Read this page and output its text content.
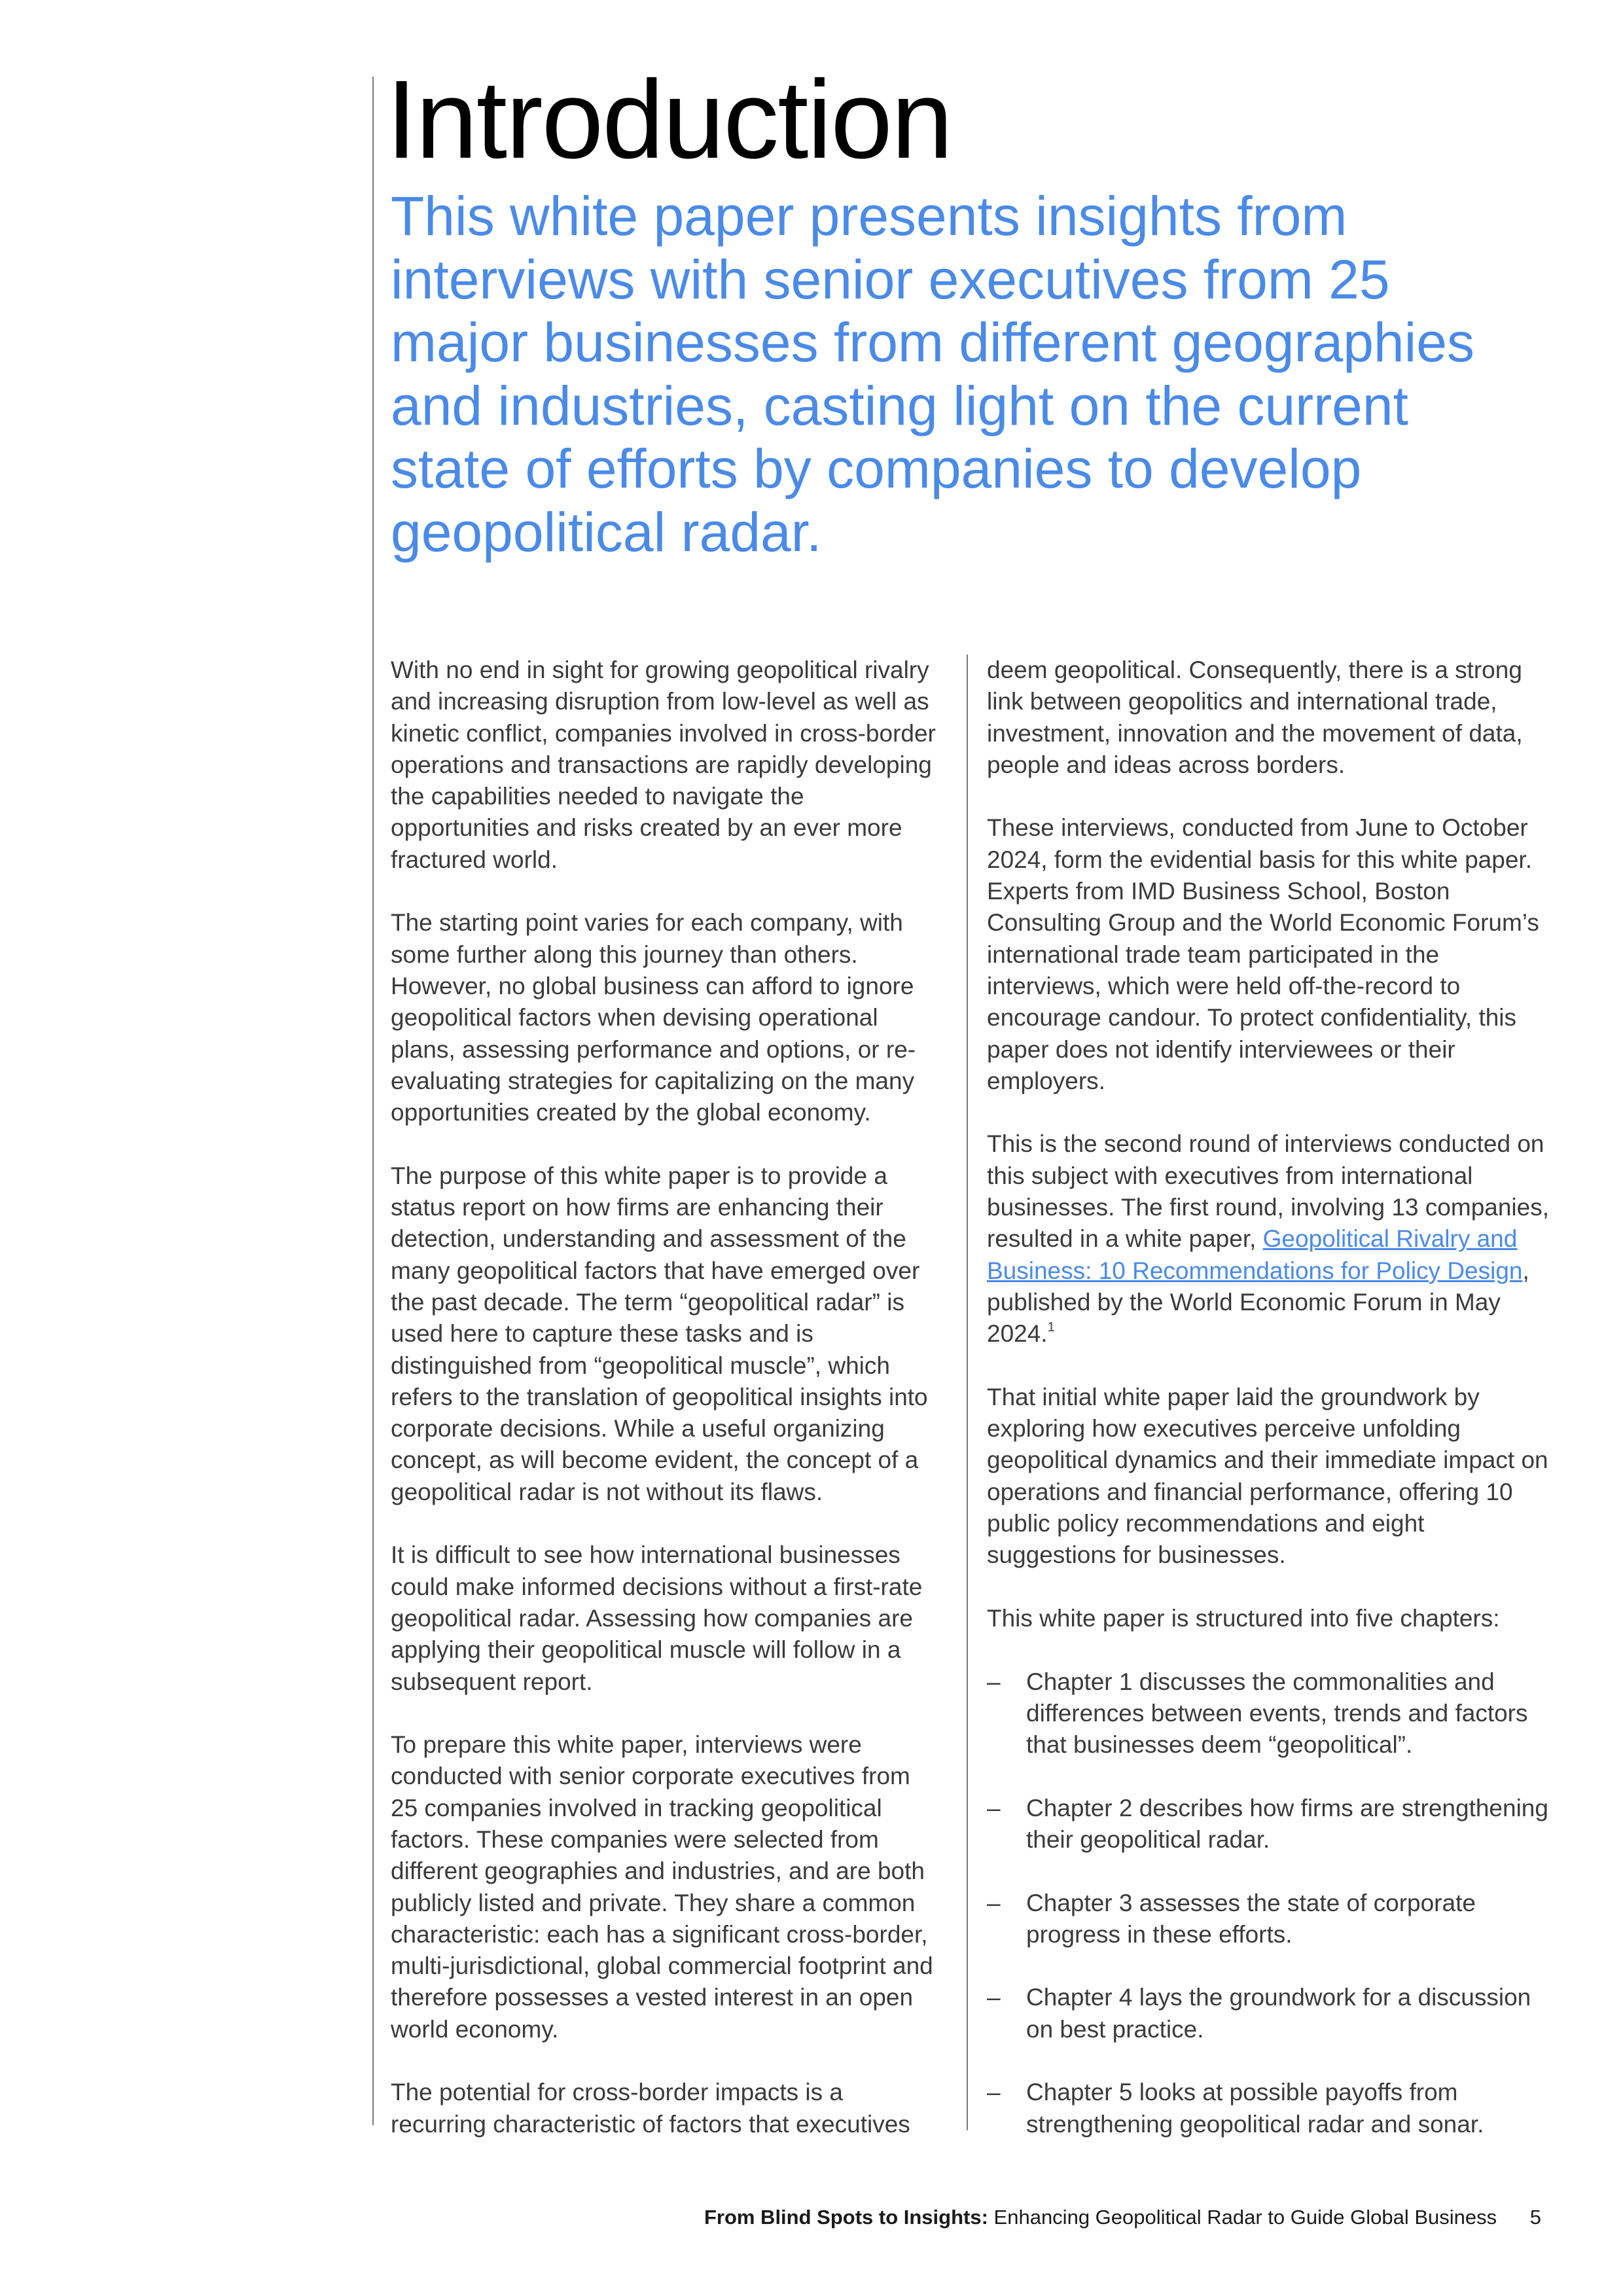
Introduction

This white paper presents insights from interviews with senior executives from 25 major businesses from different geographies and industries, casting light on the current state of efforts by companies to develop geopolitical radar.

With no end in sight for growing geopolitical rivalry and increasing disruption from low-level as well as kinetic conflict, companies involved in cross-border operations and transactions are rapidly developing the capabilities needed to navigate the opportunities and risks created by an ever more fractured world.

The starting point varies for each company, with some further along this journey than others. However, no global business can afford to ignore geopolitical factors when devising operational plans, assessing performance and options, or re-evaluating strategies for capitalizing on the many opportunities created by the global economy.

The purpose of this white paper is to provide a status report on how firms are enhancing their detection, understanding and assessment of the many geopolitical factors that have emerged over the past decade. The term “geopolitical radar” is used here to capture these tasks and is distinguished from “geopolitical muscle”, which refers to the translation of geopolitical insights into corporate decisions. While a useful organizing concept, as will become evident, the concept of a geopolitical radar is not without its flaws.

It is difficult to see how international businesses could make informed decisions without a first-rate geopolitical radar. Assessing how companies are applying their geopolitical muscle will follow in a subsequent report.

To prepare this white paper, interviews were conducted with senior corporate executives from 25 companies involved in tracking geopolitical factors. These companies were selected from different geographies and industries, and are both publicly listed and private. They share a common characteristic: each has a significant cross-border, multi-jurisdictional, global commercial footprint and therefore possesses a vested interest in an open world economy.

The potential for cross-border impacts is a recurring characteristic of factors that executives

deem geopolitical. Consequently, there is a strong link between geopolitics and international trade, investment, innovation and the movement of data, people and ideas across borders.

These interviews, conducted from June to October 2024, form the evidential basis for this white paper. Experts from IMD Business School, Boston Consulting Group and the World Economic Forum’s international trade team participated in the interviews, which were held off-the-record to encourage candour. To protect confidentiality, this paper does not identify interviewees or their employers.

This is the second round of interviews conducted on this subject with executives from international businesses. The first round, involving 13 companies, resulted in a white paper, Geopolitical Rivalry and Business: 10 Recommendations for Policy Design, published by the World Economic Forum in May 2024.$^1$

That initial white paper laid the groundwork by exploring how executives perceive unfolding geopolitical dynamics and their immediate impact on operations and financial performance, offering 10 public policy recommendations and eight suggestions for businesses.

This white paper is structured into five chapters:

– Chapter 1 discusses the commonalities and differences between events, trends and factors that businesses deem “geopolitical”.
– Chapter 2 describes how firms are strengthening their geopolitical radar.
– Chapter 3 assesses the state of corporate progress in these efforts.
– Chapter 4 lays the groundwork for a discussion on best practice.
– Chapter 5 looks at possible payoffs from strengthening geopolitical radar and sonar.
From Blind Spots to Insights: Enhancing Geopolitical Radar to Guide Global Business 5
